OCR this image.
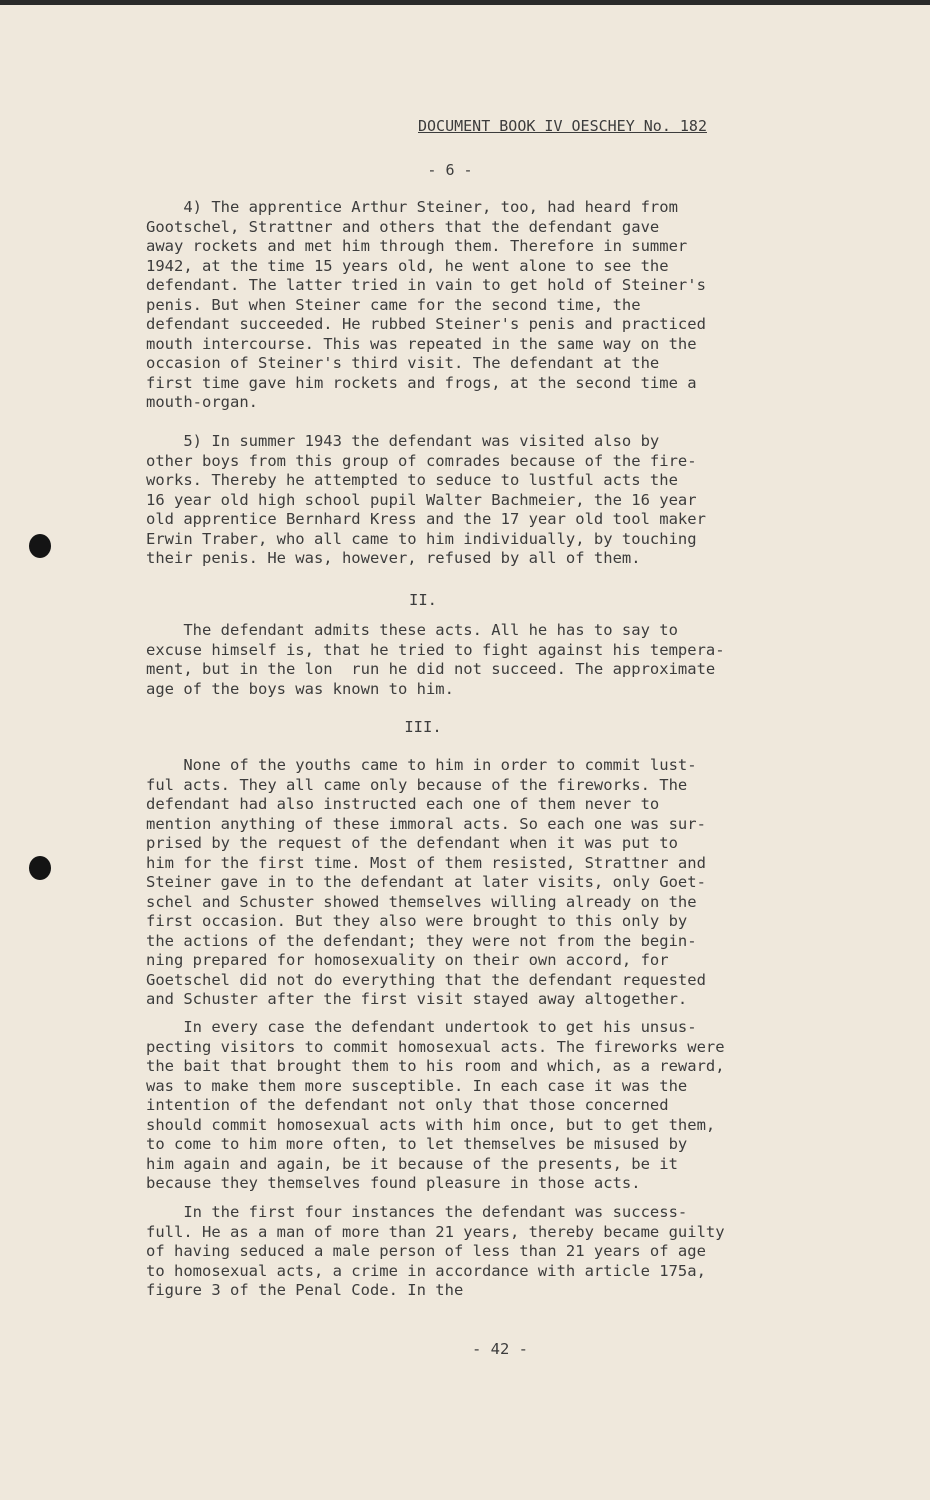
DOCUMENT BOOK IV OESCHEY No. 182
- 6 -
4) The apprentice Arthur Steiner, too, had heard from
Gootschel, Strattner and others that the defendant gave
away rockets and met him through them. Therefore in summer
1942, at the time 15 years old, he went alone to see the
defendant. The latter tried in vain to get hold of Steiner's
penis. But when Steiner came for the second time, the
defendant succeeded. He rubbed Steiner's penis and practiced
mouth intercourse. This was repeated in the same way on the
occasion of Steiner's third visit. The defendant at the
first time gave him rockets and frogs, at the second time a
mouth-organ.
5) In summer 1943 the defendant was visited also by
other boys from this group of comrades because of the fire-
works. Thereby he attempted to seduce to lustful acts the
16 year old high school pupil Walter Bachmeier, the 16 year
old apprentice Bernhard Kress and the 17 year old tool maker
Erwin Traber, who all came to him individually, by touching
their penis. He was, however, refused by all of them.
II.
The defendant admits these acts. All he has to say to
excuse himself is, that he tried to fight against his tempera-
ment, but in the lon  run he did not succeed. The approximate
age of the boys was known to him.
III.
None of the youths came to him in order to commit lust-
ful acts. They all came only because of the fireworks. The
defendant had also instructed each one of them never to
mention anything of these immoral acts. So each one was sur-
prised by the request of the defendant when it was put to
him for the first time. Most of them resisted, Strattner and
Steiner gave in to the defendant at later visits, only Goet-
schel and Schuster showed themselves willing already on the
first occasion. But they also were brought to this only by
the actions of the defendant; they were not from the begin-
ning prepared for homosexuality on their own accord, for
Goetschel did not do everything that the defendant requested
and Schuster after the first visit stayed away altogether.
In every case the defendant undertook to get his unsus-
pecting visitors to commit homosexual acts. The fireworks were
the bait that brought them to his room and which, as a reward,
was to make them more susceptible. In each case it was the
intention of the defendant not only that those concerned
should commit homosexual acts with him once, but to get them,
to come to him more often, to let themselves be misused by
him again and again, be it because of the presents, be it
because they themselves found pleasure in those acts.
In the first four instances the defendant was success-
full. He as a man of more than 21 years, thereby became guilty
of having seduced a male person of less than 21 years of age
to homosexual acts, a crime in accordance with article 175a,
figure 3 of the Penal Code. In the
- 42 -
